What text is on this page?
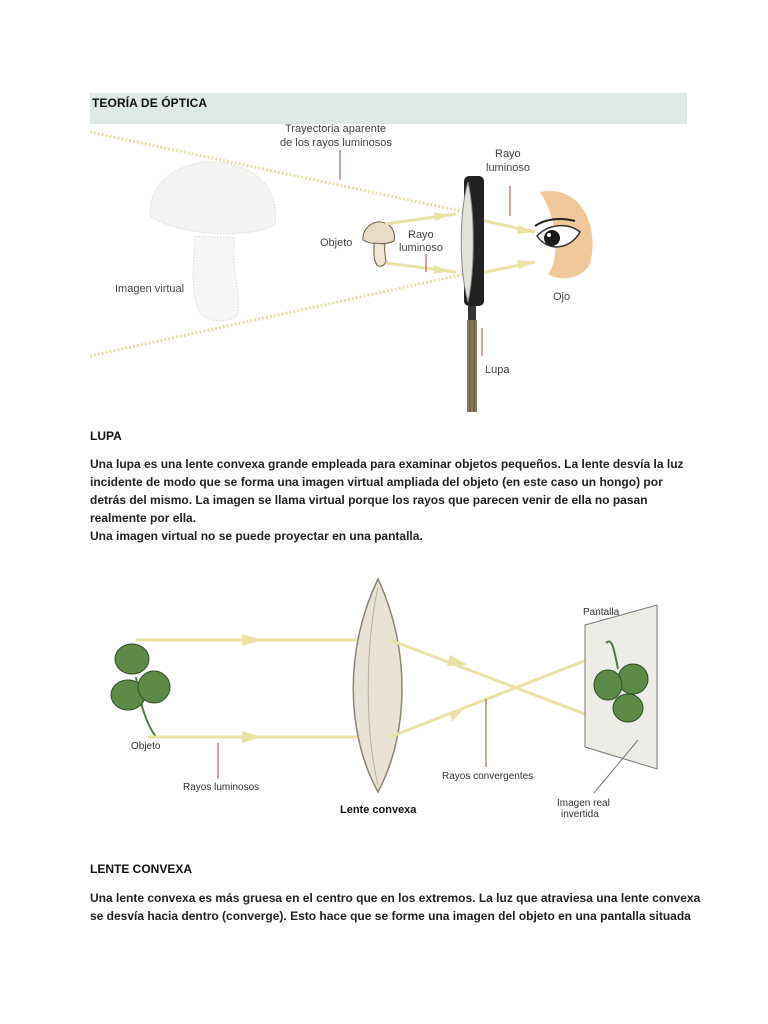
TEORÍA DE ÓPTICA
Trayectoria aparente
de los rayos luminosos
Rayo
luminoso
Objeto
Rayo
luminoso
Imagen virtual
Ojo
Lupa
LUPA
Una lupa es una lente convexa grande empleada para examinar objetos pequeños. La lente desvía la luz
incidente de modo que se forma una imagen virtual ampliada del objeto (en este caso un hongo) por
detrás del mismo. La imagen se llama virtual porque los rayos que parecen venir de ella no pasan
realmente por ella.
Una imagen virtual no se puede proyectar en una pantalla.
Pantalla
Objeto
Rayos luminosos
Lente convexa
Rayos convergentes
Imagen real
invertida
LENTE CONVEXA
Una lente convexa es más gruesa en el centro que en los extremos. La luz que atraviesa una lente convexa
se desvía hacia dentro (converge). Esto hace que se forme una imagen del objeto en una pantalla situada
